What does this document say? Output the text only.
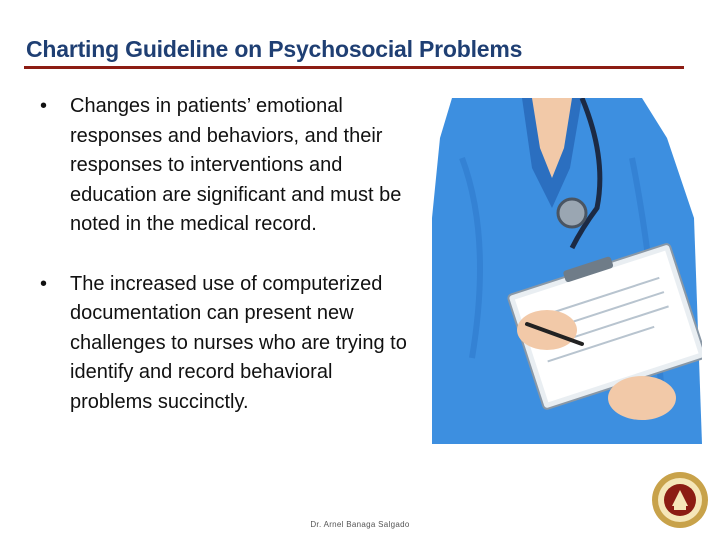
Charting Guideline on Psychosocial Problems
• Changes in patients’ emotional responses and behaviors, and their responses to interventions and education are significant and must be noted in the medical record.
• The increased use of computerized documentation can present new challenges to nurses who are trying to identify and record behavioral problems succinctly.
Dr. Arnel Banaga Salgado
